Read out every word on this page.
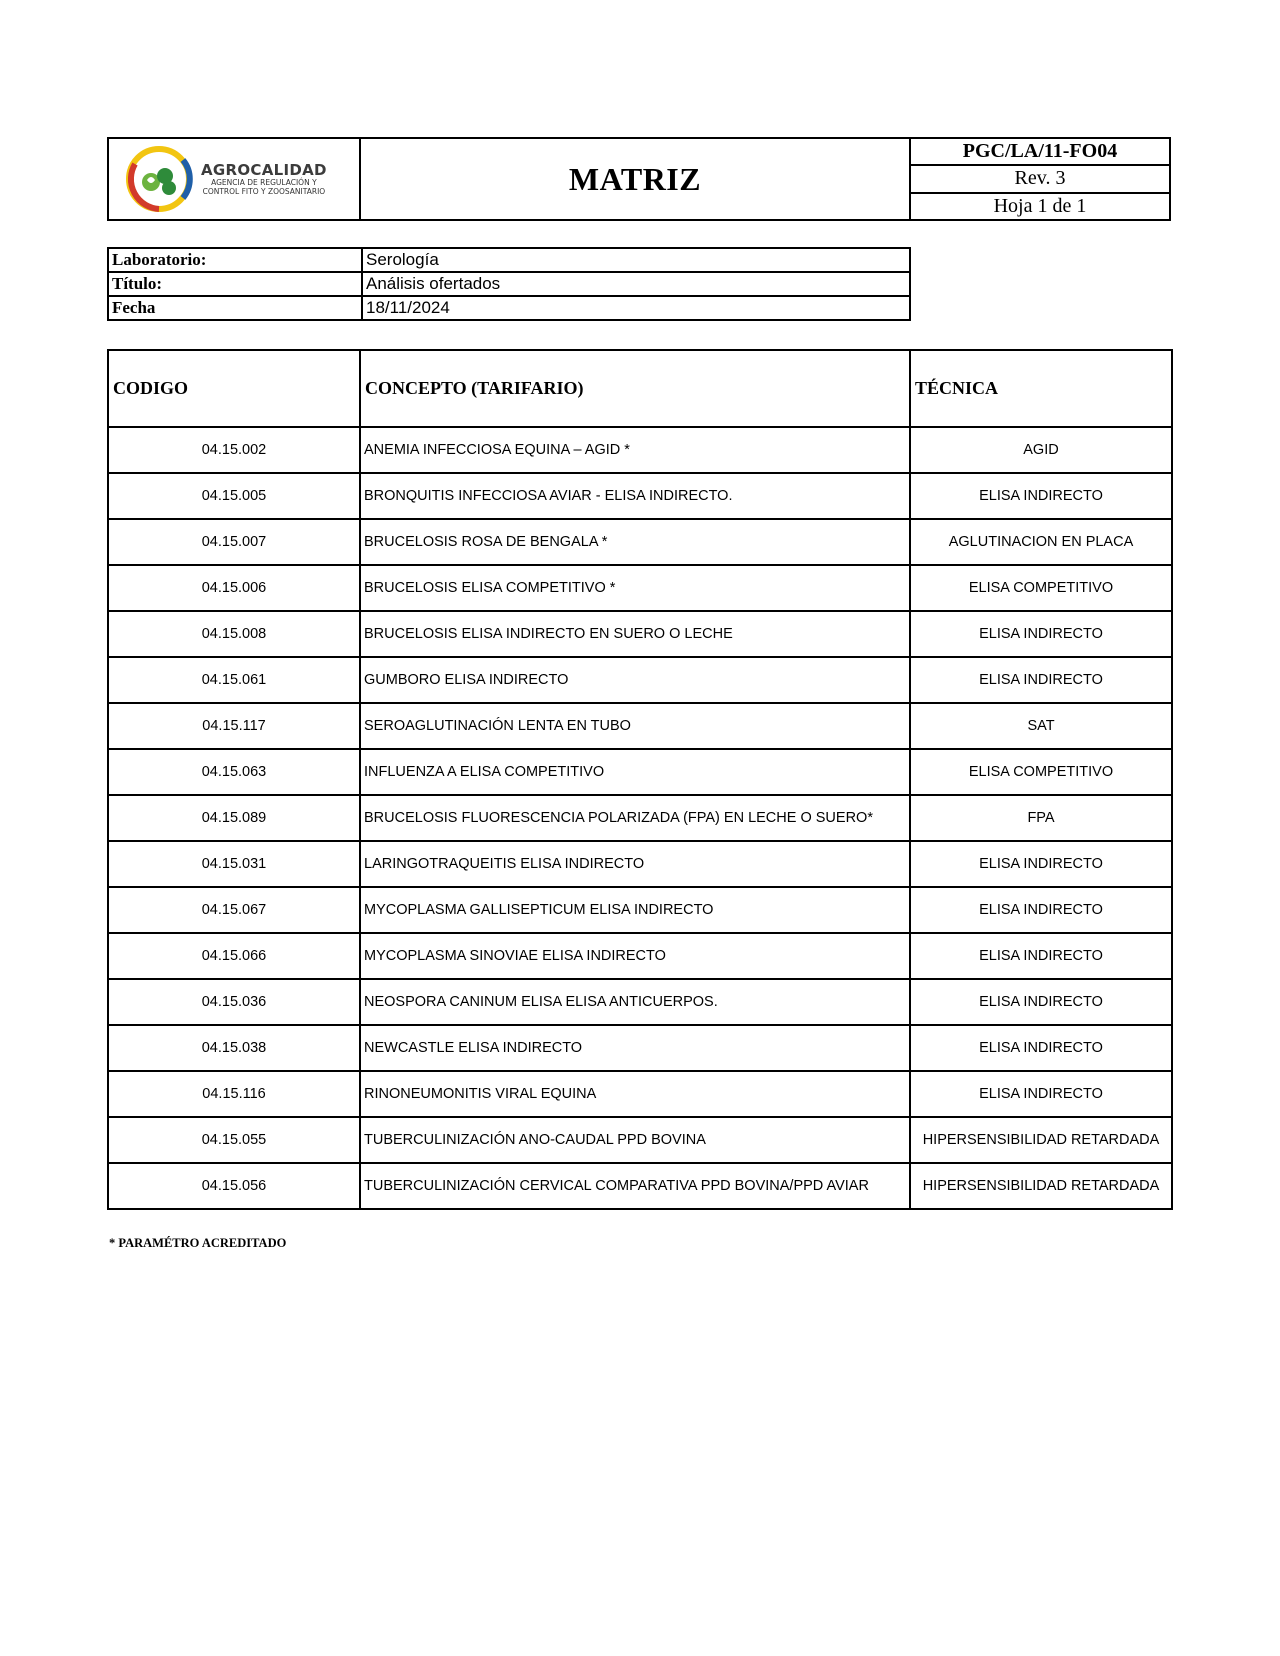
AGROCALIDAD
AGENCIA DE REGULACIÓN Y
CONTROL FITO Y ZOOSANITARIO	MATRIZ
PGC/LA/11-FO04
Rev. 3
Hoja 1 de 1
Laboratorio:	Serología
Título:	Análisis ofertados
Fecha	18/11/2024
CODIGO	CONCEPTO (TARIFARIO)	TÉCNICA
04.15.002	ANEMIA INFECCIOSA EQUINA – AGID *	AGID
04.15.005	BRONQUITIS INFECCIOSA AVIAR - ELISA INDIRECTO.	ELISA INDIRECTO
04.15.007	BRUCELOSIS ROSA DE BENGALA *	AGLUTINACION EN PLACA
04.15.006	BRUCELOSIS ELISA COMPETITIVO *	ELISA COMPETITIVO
04.15.008	BRUCELOSIS ELISA INDIRECTO EN SUERO O LECHE	ELISA INDIRECTO
04.15.061	GUMBORO ELISA INDIRECTO	ELISA INDIRECTO
04.15.117	SEROAGLUTINACIÓN LENTA EN TUBO	SAT
04.15.063	INFLUENZA A ELISA COMPETITIVO	ELISA COMPETITIVO
04.15.089	BRUCELOSIS FLUORESCENCIA POLARIZADA (FPA) EN LECHE O SUERO*	FPA
04.15.031	LARINGOTRAQUEITIS ELISA INDIRECTO	ELISA INDIRECTO
04.15.067	MYCOPLASMA GALLISEPTICUM ELISA INDIRECTO	ELISA INDIRECTO
04.15.066	MYCOPLASMA SINOVIAE ELISA INDIRECTO	ELISA INDIRECTO
04.15.036	NEOSPORA CANINUM ELISA ELISA ANTICUERPOS.	ELISA INDIRECTO
04.15.038	NEWCASTLE ELISA INDIRECTO	ELISA INDIRECTO
04.15.116	RINONEUMONITIS VIRAL EQUINA	ELISA INDIRECTO
04.15.055	TUBERCULINIZACIÓN ANO-CAUDAL PPD BOVINA	HIPERSENSIBILIDAD RETARDADA
04.15.056	TUBERCULINIZACIÓN CERVICAL COMPARATIVA PPD BOVINA/PPD AVIAR	HIPERSENSIBILIDAD RETARDADA
* PARAMÉTRO ACREDITADO
